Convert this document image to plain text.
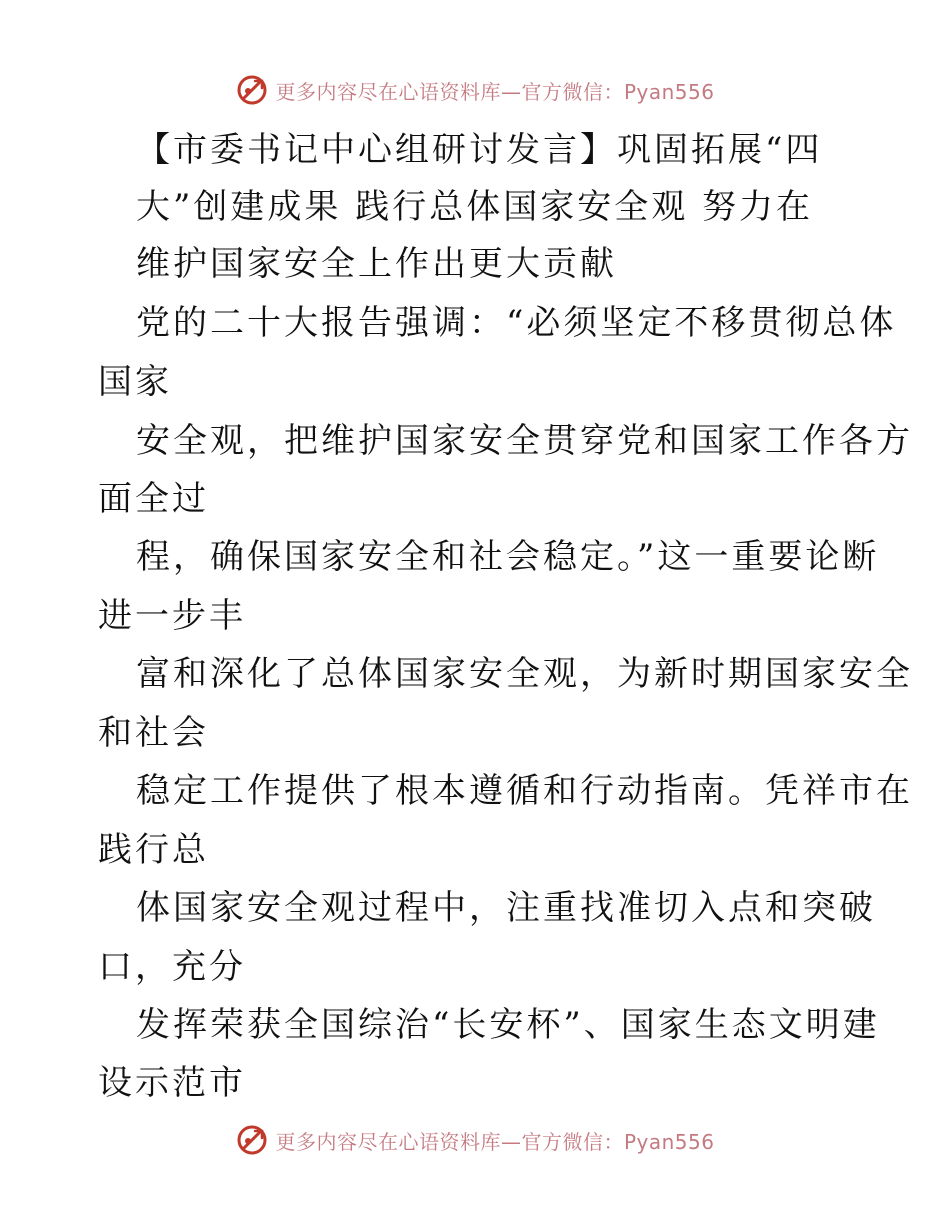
更多内容尽在心语资料库—官方微信：Pyan556
【市委书记中心组研讨发言】巩固拓展“四
大”创建成果 践行总体国家安全观 努力在
维护国家安全上作出更大贡献
党的二十大报告强调：“必须坚定不移贯彻总体
国家
安全观，把维护国家安全贯穿党和国家工作各方
面全过
程，确保国家安全和社会稳定。”这一重要论断
进一步丰
富和深化了总体国家安全观，为新时期国家安全
和社会
稳定工作提供了根本遵循和行动指南。凭祥市在
践行总
体国家安全观过程中，注重找准切入点和突破
口，充分
发挥荣获全国综治“长安杯”、国家生态文明建
设示范市
更多内容尽在心语资料库—官方微信：Pyan556
